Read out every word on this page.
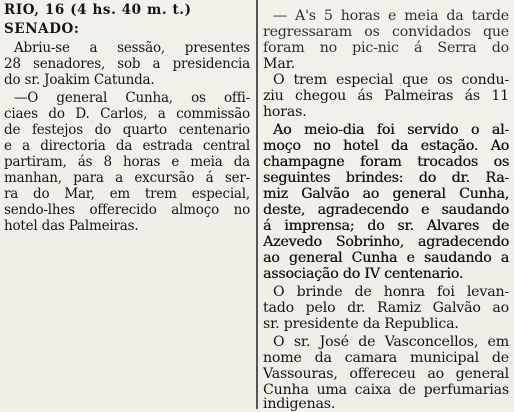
RIO, 16 (4 hs. 40 m. t.)
SENADO:
Abriu-se a sessão, presentes
28 senadores, sob a presidencia
do sr. Joakim Catunda.
—O general Cunha, os offi-
ciaes do D. Carlos, a commissão
de festejos do quarto centenario
e a directoria da estrada central
partiram, ás 8 horas e meia da
manhan, para a excursão á ser-
ra do Mar, em trem especial,
sendo-lhes offerecido almoço no
hotel das Palmeiras.
— A's 5 horas e meia da tarde
regressaram os convidados que
foram no pic-nic á Serra do
Mar.
O trem especial que os condu-
ziu chegou ás Palmeiras ás 11
horas.
Ao meio-dia foi servido o al-
moço no hotel da estação. Ao
champagne foram trocados os
seguintes brindes: do dr. Ra-
miz Galvão ao general Cunha,
deste, agradecendo e saudando
á imprensa; do sr. Alvares de
Azevedo Sobrinho, agradecendo
ao general Cunha e saudando a
associação do IV centenario.
O brinde de honra foi levan-
tado pelo dr. Ramiz Galvão ao
sr. presidente da Republica.
O sr. José de Vasconcellos, em
nome da camara municipal de
Vassouras, offereceu ao general
Cunha uma caixa de perfumarias
indigenas.
